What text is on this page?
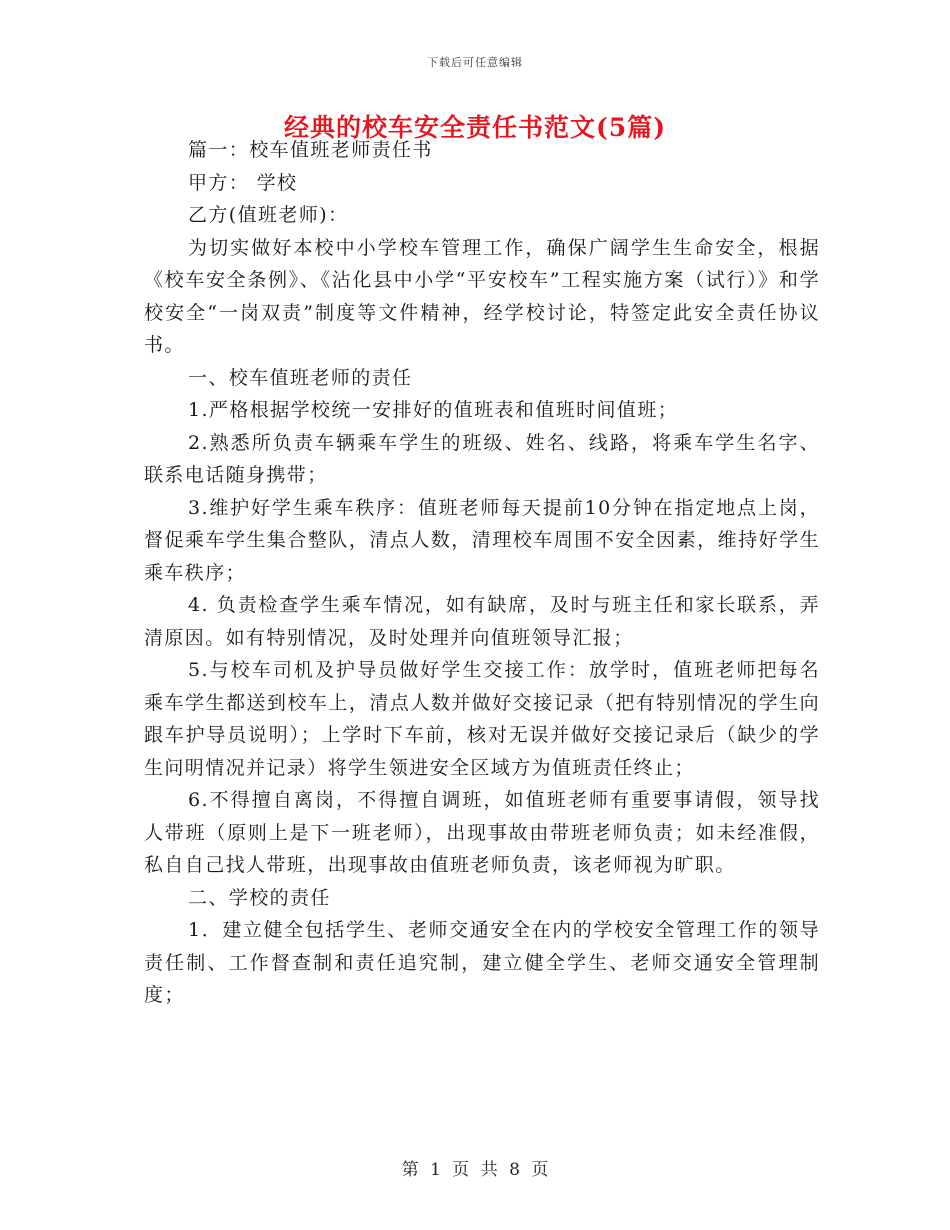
下载后可任意编辑
经典的校车安全责任书范文(5篇)

篇一：校车值班老师责任书

甲方： 学校

乙方(值班老师)：

为切实做好本校中小学校车管理工作，确保广阔学生生命安全，根据《校车安全条例》、《沾化县中小学“平安校车”工程实施方案（试行）》和学校安全“一岗双责”制度等文件精神，经学校讨论，特签定此安全责任协议书。

一、校车值班老师的责任

1.严格根据学校统一安排好的值班表和值班时间值班；

2.熟悉所负责车辆乘车学生的班级、姓名、线路，将乘车学生名字、联系电话随身携带；

3.维护好学生乘车秩序：值班老师每天提前10分钟在指定地点上岗，督促乘车学生集合整队，清点人数，清理校车周围不安全因素，维持好学生乘车秩序；

4. 负责检查学生乘车情况，如有缺席，及时与班主任和家长联系，弄清原因。如有特别情况，及时处理并向值班领导汇报；

5.与校车司机及护导员做好学生交接工作：放学时，值班老师把每名乘车学生都送到校车上，清点人数并做好交接记录（把有特别情况的学生向跟车护导员说明）；上学时下车前，核对无误并做好交接记录后（缺少的学生问明情况并记录）将学生领进安全区域方为值班责任终止；

6.不得擅自离岗，不得擅自调班，如值班老师有重要事请假，领导找人带班（原则上是下一班老师），出现事故由带班老师负责；如未经准假，私自自己找人带班，出现事故由值班老师负责，该老师视为旷职。

二、学校的责任

1．建立健全包括学生、老师交通安全在内的学校安全管理工作的领导责任制、工作督查制和责任追究制，建立健全学生、老师交通安全管理制度；

第 1 页 共 8 页
